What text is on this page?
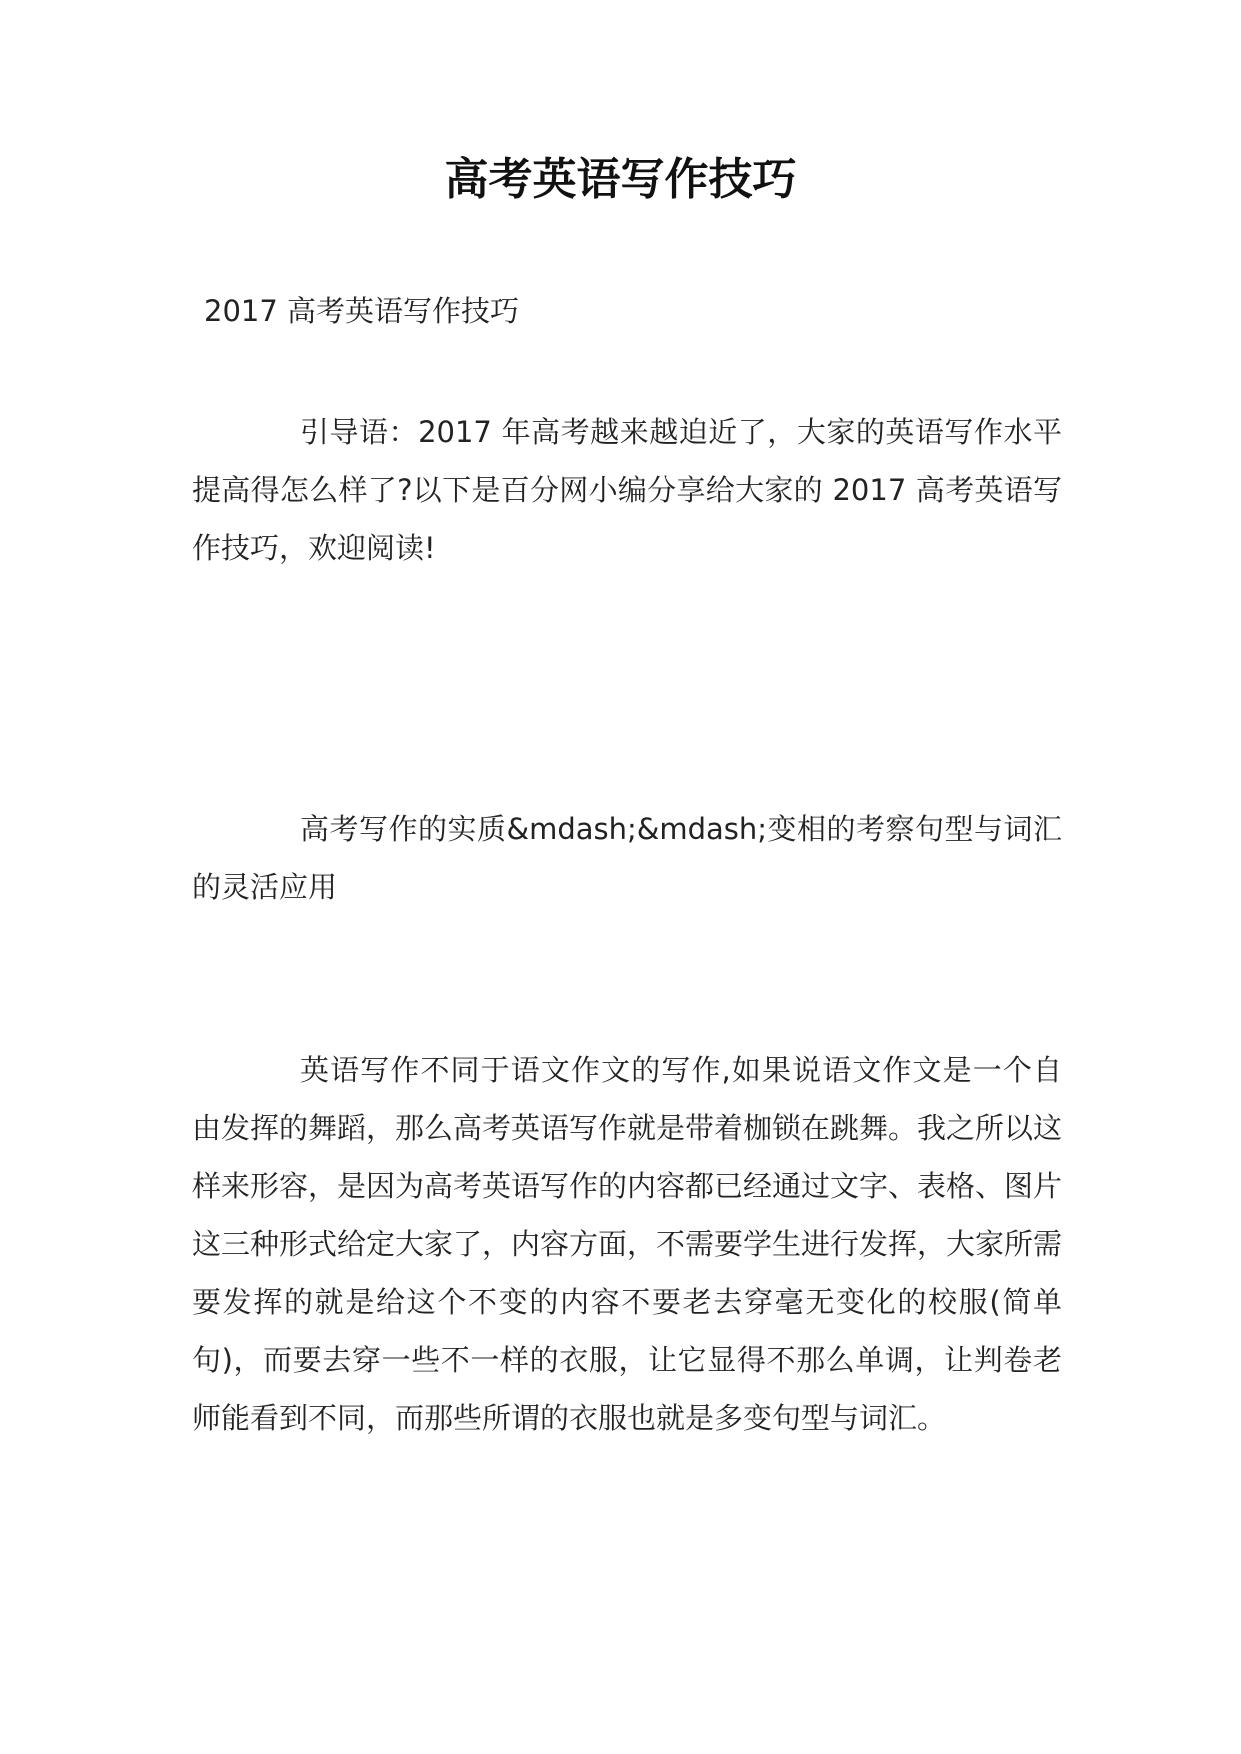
高考英语写作技巧

2017 高考英语写作技巧

引导语：2017 年高考越来越迫近了，大家的英语写作水平提高得怎么样了?以下是百分网小编分享给大家的 2017 高考英语写作技巧，欢迎阅读!

高考写作的实质&mdash;&mdash;变相的考察句型与词汇的灵活应用

英语写作不同于语文作文的写作,如果说语文作文是一个自由发挥的舞蹈，那么高考英语写作就是带着枷锁在跳舞。我之所以这样来形容，是因为高考英语写作的内容都已经通过文字、表格、图片这三种形式给定大家了，内容方面，不需要学生进行发挥，大家所需要发挥的就是给这个不变的内容不要老去穿毫无变化的校服(简单句)，而要去穿一些不一样的衣服，让它显得不那么单调，让判卷老师能看到不同，而那些所谓的衣服也就是多变句型与词汇。
